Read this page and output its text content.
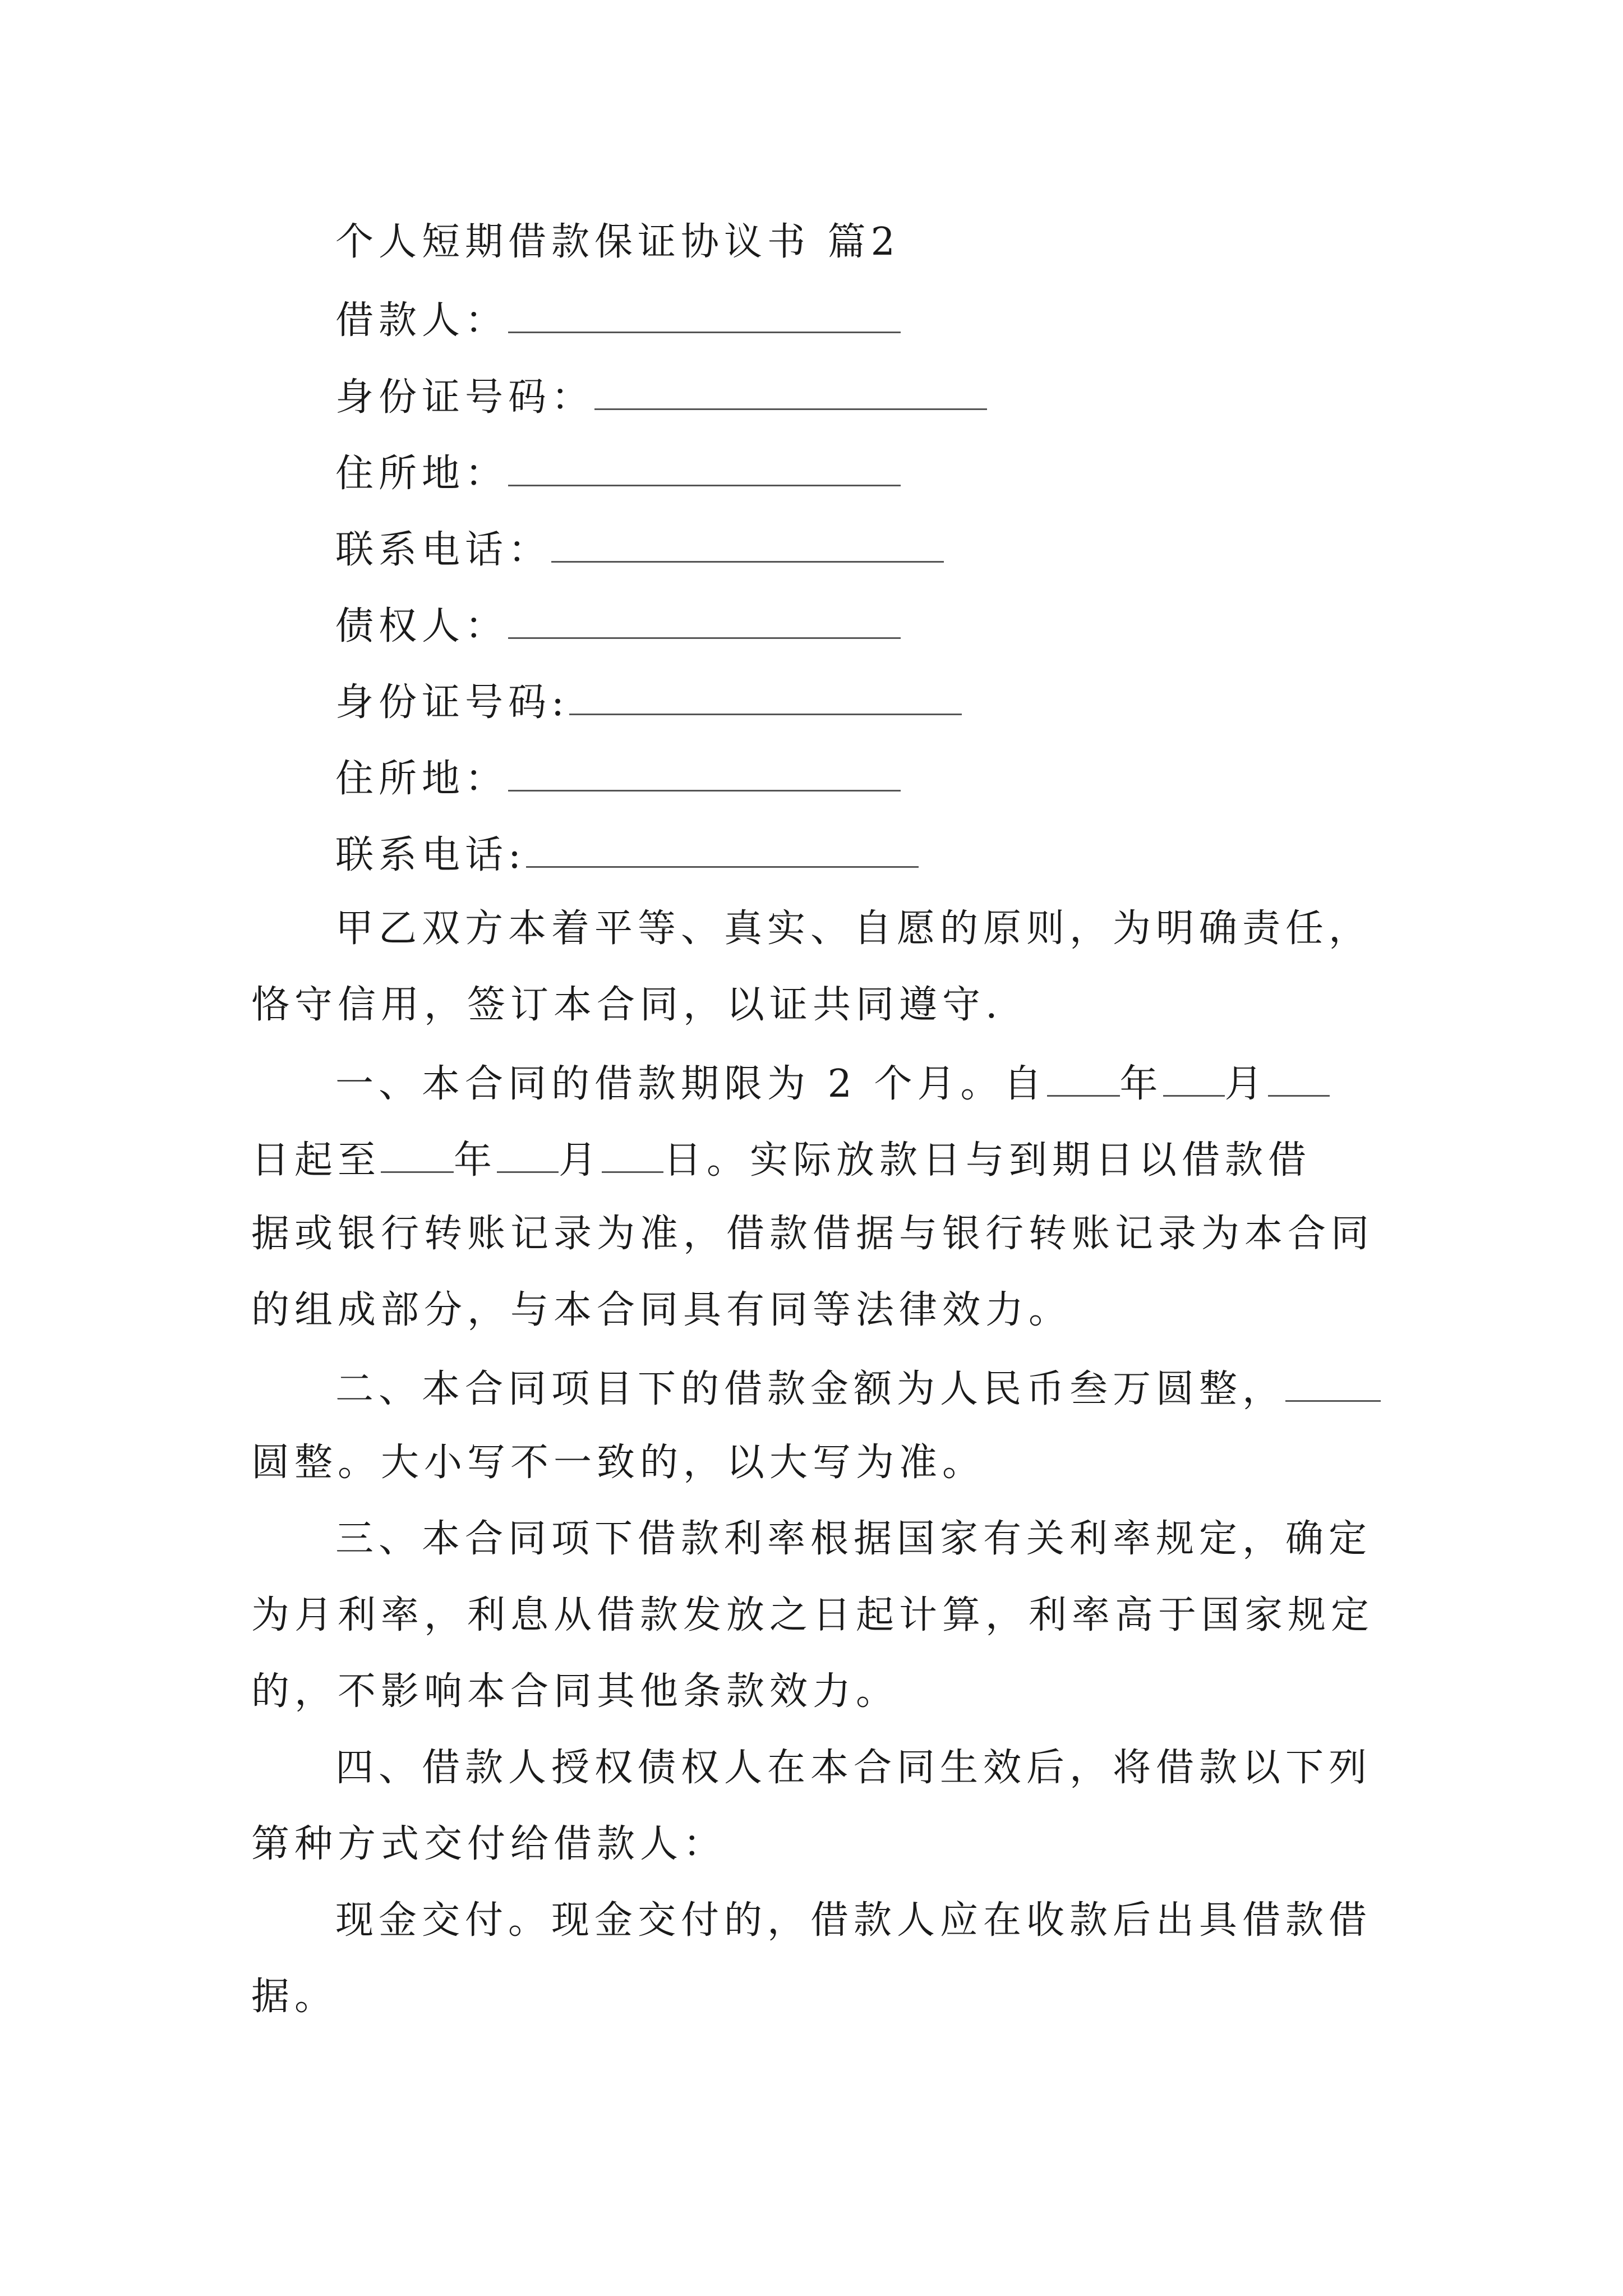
个人短期借款保证协议书 篇2
借款人：
身份证号码：
住所地：
联系电话：
债权人：
身份证号码:
住所地：
联系电话:
甲乙双方本着平等、真实、自愿的原则，为明确责任，
恪守信用，签订本合同，以证共同遵守.
一、本合同的借款期限为 2 个月。自 年 月
日起至 年 月 日。实际放款日与到期日以借款借
据或银行转账记录为准，借款借据与银行转账记录为本合同
的组成部分，与本合同具有同等法律效力。
二、本合同项目下的借款金额为人民币叁万圆整，
圆整。大小写不一致的，以大写为准。
三、本合同项下借款利率根据国家有关利率规定，确定
为月利率，利息从借款发放之日起计算，利率高于国家规定
的，不影响本合同其他条款效力。
四、借款人授权债权人在本合同生效后，将借款以下列
第种方式交付给借款人：
现金交付。现金交付的，借款人应在收款后出具借款借
据。
